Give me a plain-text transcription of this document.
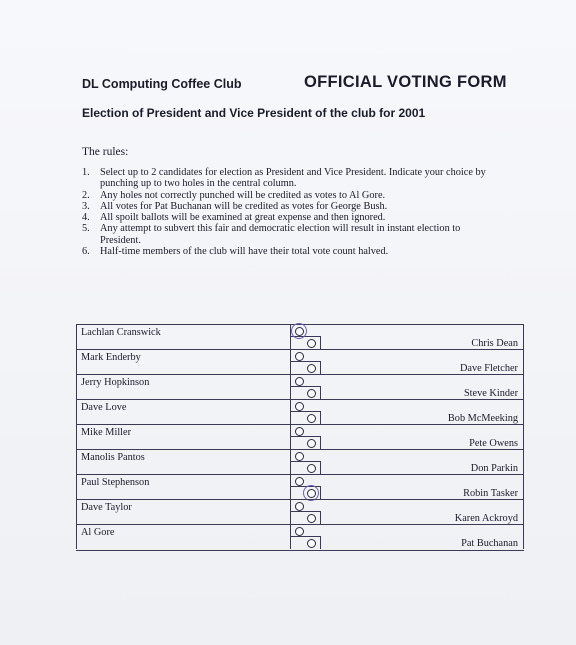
DL Computing Coffee Club	OFFICIAL VOTING FORM
Election of President and Vice President of the club for 2001
The rules:
1. Select up to 2 candidates for election as President and Vice President. Indicate your choice by punching up to two holes in the central column.
2. Any holes not correctly punched will be credited as votes to Al Gore.
3. All votes for Pat Buchanan will be credited as votes for George Bush.
4. All spoilt ballots will be examined at great expense and then ignored.
5. Any attempt to subvert this fair and democratic election will result in instant election to President.
6. Half-time members of the club will have their total vote count halved.
Lachlan Cranswick
Chris Dean
Mark Enderby
Dave Fletcher
Jerry Hopkinson
Steve Kinder
Dave Love
Bob McMeeking
Mike Miller
Pete Owens
Manolis Pantos
Don Parkin
Paul Stephenson
Robin Tasker
Dave Taylor
Karen Ackroyd
Al Gore
Pat Buchanan
